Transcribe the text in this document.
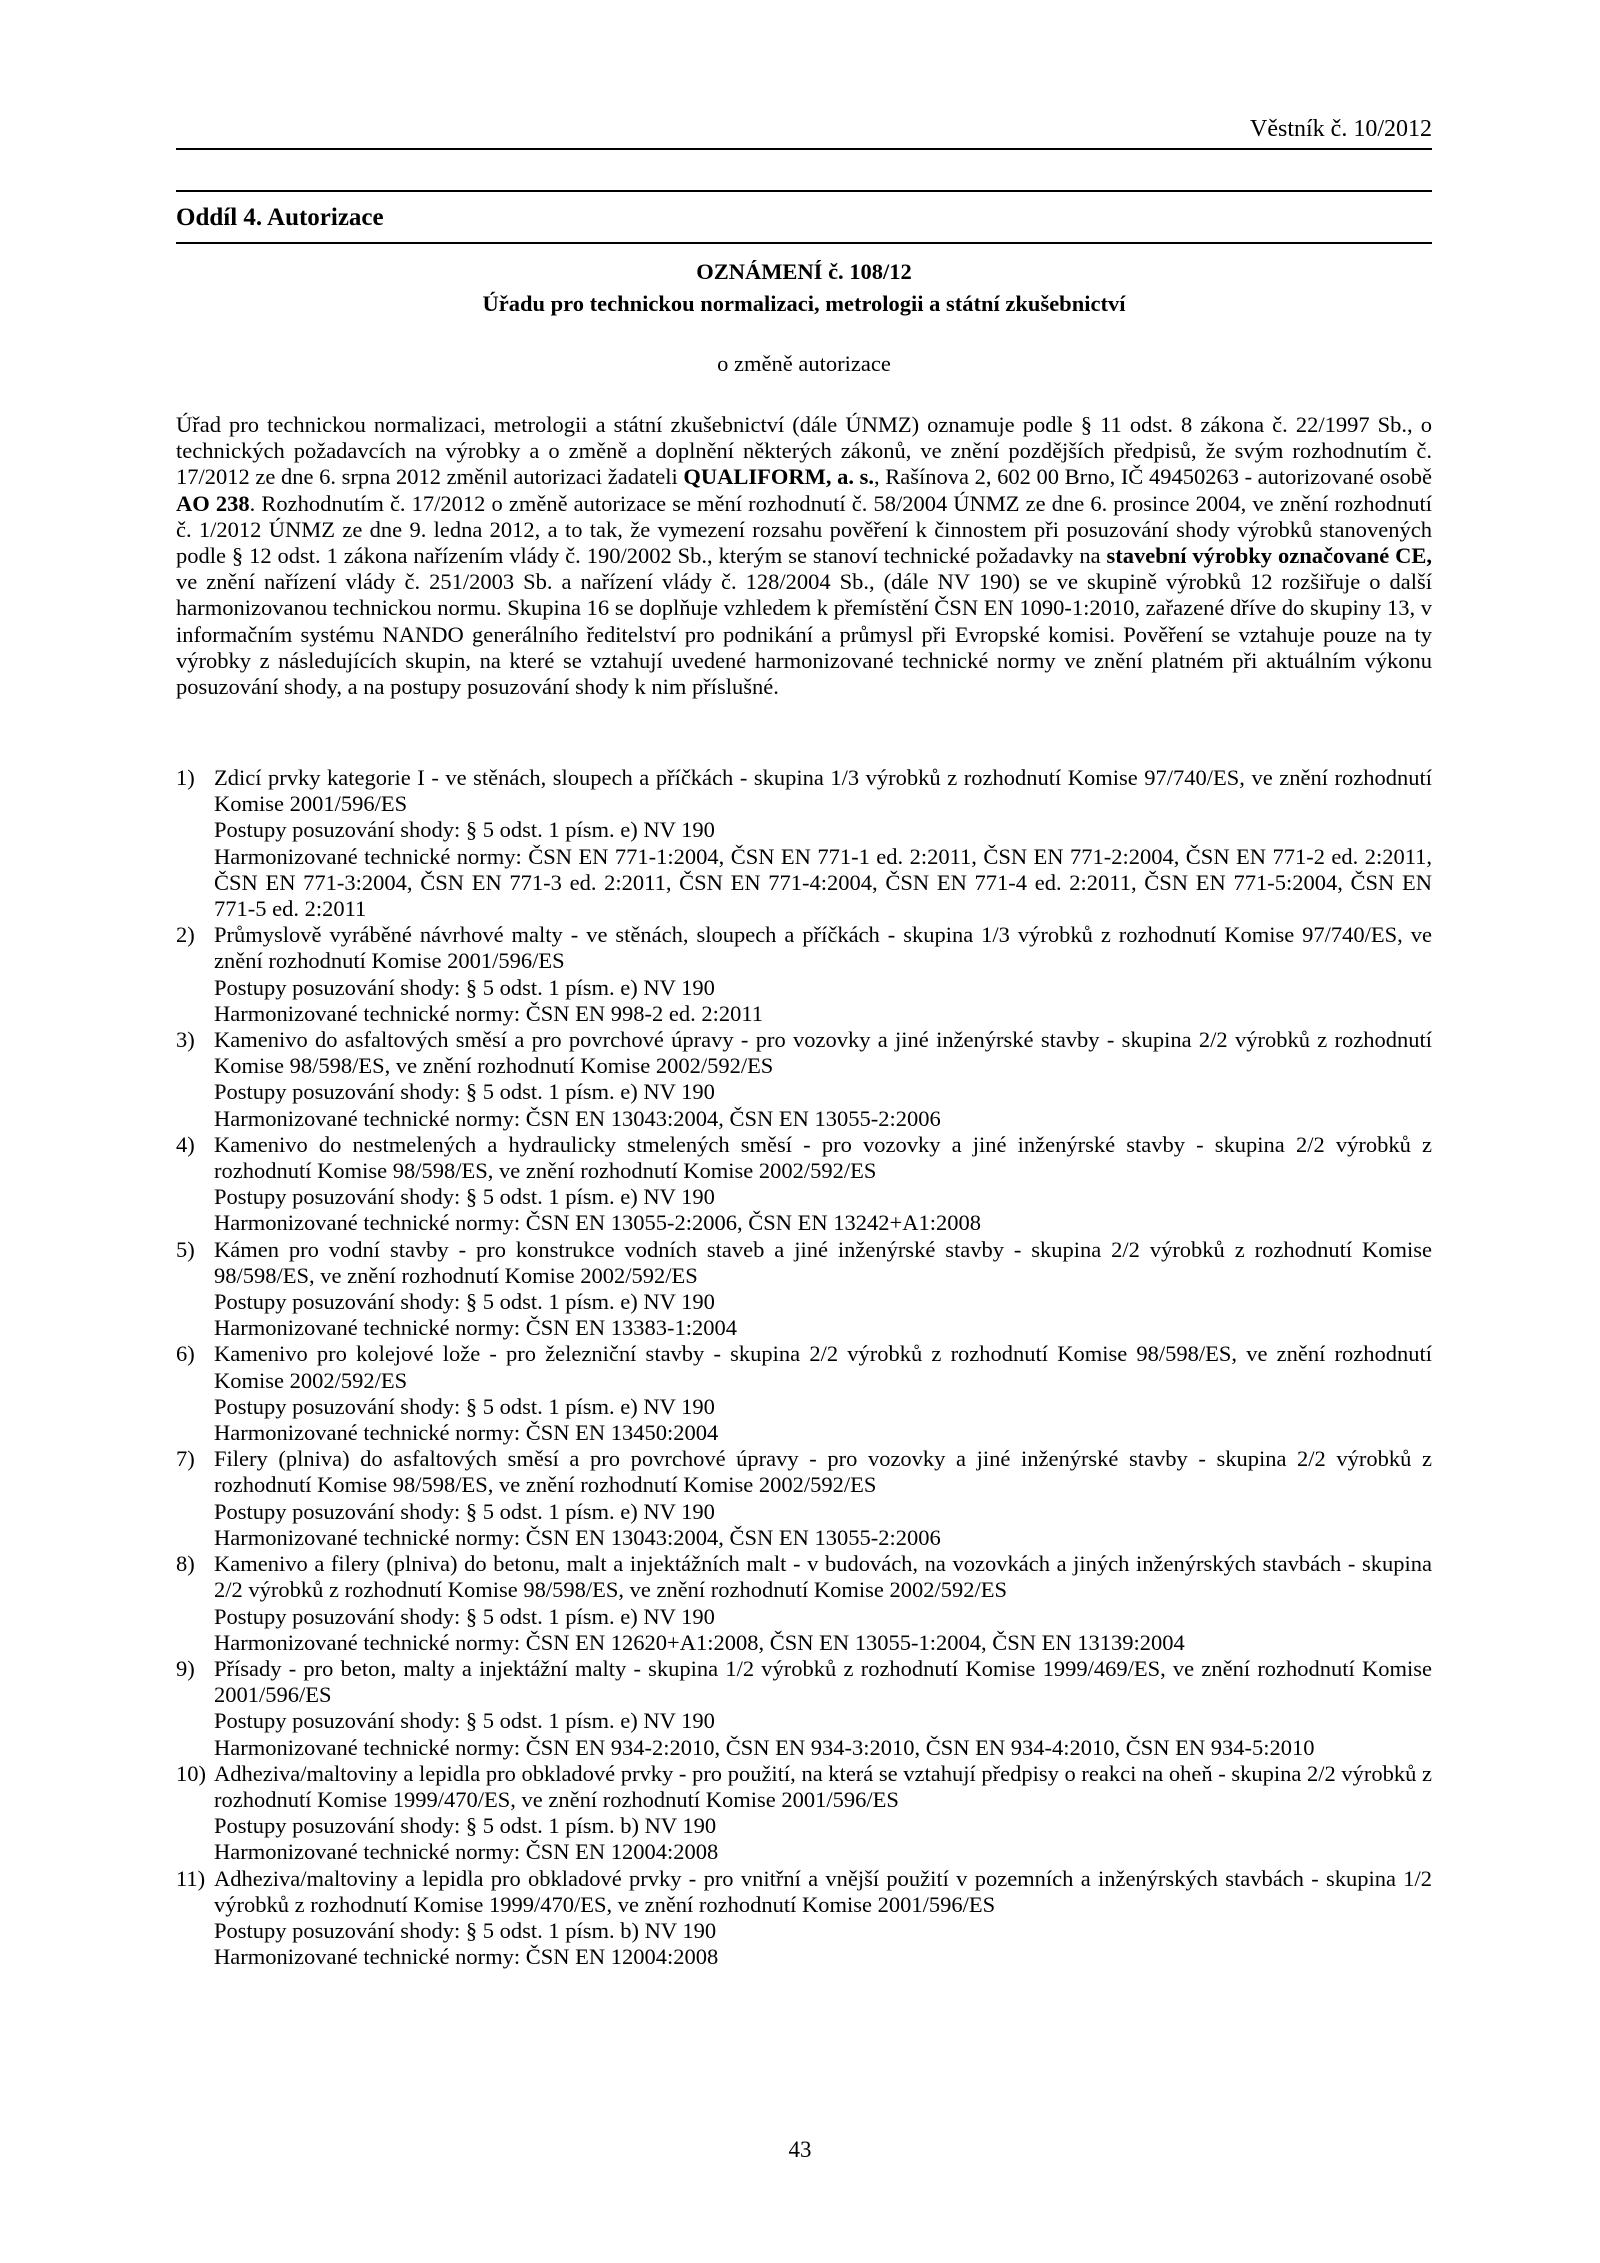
Věstník č. 10/2012
Oddíl 4. Autorizace
OZNÁMENÍ č. 108/12
Úřadu pro technickou normalizaci, metrologii a státní zkušebnictví
o změně autorizace

Úřad pro technickou normalizaci, metrologii a státní zkušebnictví (dále ÚNMZ) oznamuje podle § 11 odst. 8 zákona č. 22/1997 Sb., o technických požadavcích na výrobky a o změně a doplnění některých zákonů, ve znění pozdějších předpisů, že svým rozhodnutím č. 17/2012 ze dne 6. srpna 2012 změnil autorizaci žadateli QUALIFORM, a. s., Rašínova 2, 602 00 Brno, IČ 49450263 - autorizované osobě AO 238. Rozhodnutím č. 17/2012 o změně autorizace se mění rozhodnutí č. 58/2004 ÚNMZ ze dne 6. prosince 2004, ve znění rozhodnutí č. 1/2012 ÚNMZ ze dne 9. ledna 2012, a to tak, že vymezení rozsahu pověření k činnostem při posuzování shody výrobků stanovených podle § 12 odst. 1 zákona nařízením vlády č. 190/2002 Sb., kterým se stanoví technické požadavky na stavební výrobky označované CE, ve znění nařízení vlády č. 251/2003 Sb. a nařízení vlády č. 128/2004 Sb., (dále NV 190) se ve skupině výrobků 12 rozšiřuje o další harmonizovanou technickou normu. Skupina 16 se doplňuje vzhledem k přemístění ČSN EN 1090-1:2010, zařazené dříve do skupiny 13, v informačním systému NANDO generálního ředitelství pro podnikání a průmysl při Evropské komisi. Pověření se vztahuje pouze na ty výrobky z následujících skupin, na které se vztahují uvedené harmonizované technické normy ve znění platném při aktuálním výkonu posuzování shody, a na postupy posuzování shody k nim příslušné.

1) Zdicí prvky kategorie I - ve stěnách, sloupech a příčkách - skupina 1/3 výrobků z rozhodnutí Komise 97/740/ES, ve znění rozhodnutí Komise 2001/596/ES
Postupy posuzování shody: § 5 odst. 1 písm. e) NV 190
Harmonizované technické normy: ČSN EN 771-1:2004, ČSN EN 771-1 ed. 2:2011, ČSN EN 771-2:2004, ČSN EN 771-2 ed. 2:2011, ČSN EN 771-3:2004, ČSN EN 771-3 ed. 2:2011, ČSN EN 771-4:2004, ČSN EN 771-4 ed. 2:2011, ČSN EN 771-5:2004, ČSN EN 771-5 ed. 2:2011
2) Průmyslově vyráběné návrhové malty - ve stěnách, sloupech a příčkách - skupina 1/3 výrobků z rozhodnutí Komise 97/740/ES, ve znění rozhodnutí Komise 2001/596/ES
Postupy posuzování shody: § 5 odst. 1 písm. e) NV 190
Harmonizované technické normy: ČSN EN 998-2 ed. 2:2011
3) Kamenivo do asfaltových směsí a pro povrchové úpravy - pro vozovky a jiné inženýrské stavby - skupina 2/2 výrobků z rozhodnutí Komise 98/598/ES, ve znění rozhodnutí Komise 2002/592/ES
Postupy posuzování shody: § 5 odst. 1 písm. e) NV 190
Harmonizované technické normy: ČSN EN 13043:2004, ČSN EN 13055-2:2006
4) Kamenivo do nestmelených a hydraulicky stmelených směsí - pro vozovky a jiné inženýrské stavby - skupina 2/2 výrobků z rozhodnutí Komise 98/598/ES, ve znění rozhodnutí Komise 2002/592/ES
Postupy posuzování shody: § 5 odst. 1 písm. e) NV 190
Harmonizované technické normy: ČSN EN 13055-2:2006, ČSN EN 13242+A1:2008
5) Kámen pro vodní stavby - pro konstrukce vodních staveb a jiné inženýrské stavby - skupina 2/2 výrobků z rozhodnutí Komise 98/598/ES, ve znění rozhodnutí Komise 2002/592/ES
Postupy posuzování shody: § 5 odst. 1 písm. e) NV 190
Harmonizované technické normy: ČSN EN 13383-1:2004
6) Kamenivo pro kolejové lože - pro železniční stavby - skupina 2/2 výrobků z rozhodnutí Komise 98/598/ES, ve znění rozhodnutí Komise 2002/592/ES
Postupy posuzování shody: § 5 odst. 1 písm. e) NV 190
Harmonizované technické normy: ČSN EN 13450:2004
7) Filery (plniva) do asfaltových směsí a pro povrchové úpravy - pro vozovky a jiné inženýrské stavby - skupina 2/2 výrobků z rozhodnutí Komise 98/598/ES, ve znění rozhodnutí Komise 2002/592/ES
Postupy posuzování shody: § 5 odst. 1 písm. e) NV 190
Harmonizované technické normy: ČSN EN 13043:2004, ČSN EN 13055-2:2006
8) Kamenivo a filery (plniva) do betonu, malt a injektážních malt - v budovách, na vozovkách a jiných inženýrských stavbách - skupina 2/2 výrobků z rozhodnutí Komise 98/598/ES, ve znění rozhodnutí Komise 2002/592/ES
Postupy posuzování shody: § 5 odst. 1 písm. e) NV 190
Harmonizované technické normy: ČSN EN 12620+A1:2008, ČSN EN 13055-1:2004, ČSN EN 13139:2004
9) Přísady - pro beton, malty a injektážní malty - skupina 1/2 výrobků z rozhodnutí Komise 1999/469/ES, ve znění rozhodnutí Komise 2001/596/ES
Postupy posuzování shody: § 5 odst. 1 písm. e) NV 190
Harmonizované technické normy: ČSN EN 934-2:2010, ČSN EN 934-3:2010, ČSN EN 934-4:2010, ČSN EN 934-5:2010
10) Adheziva/maltoviny a lepidla pro obkladové prvky - pro použití, na která se vztahují předpisy o reakci na oheň - skupina 2/2 výrobků z rozhodnutí Komise 1999/470/ES, ve znění rozhodnutí Komise 2001/596/ES
Postupy posuzování shody: § 5 odst. 1 písm. b) NV 190
Harmonizované technické normy: ČSN EN 12004:2008
11) Adheziva/maltoviny a lepidla pro obkladové prvky - pro vnitřní a vnější použití v pozemních a inženýrských stavbách - skupina 1/2 výrobků z rozhodnutí Komise 1999/470/ES, ve znění rozhodnutí Komise 2001/596/ES
Postupy posuzování shody: § 5 odst. 1 písm. b) NV 190
Harmonizované technické normy: ČSN EN 12004:2008
43
